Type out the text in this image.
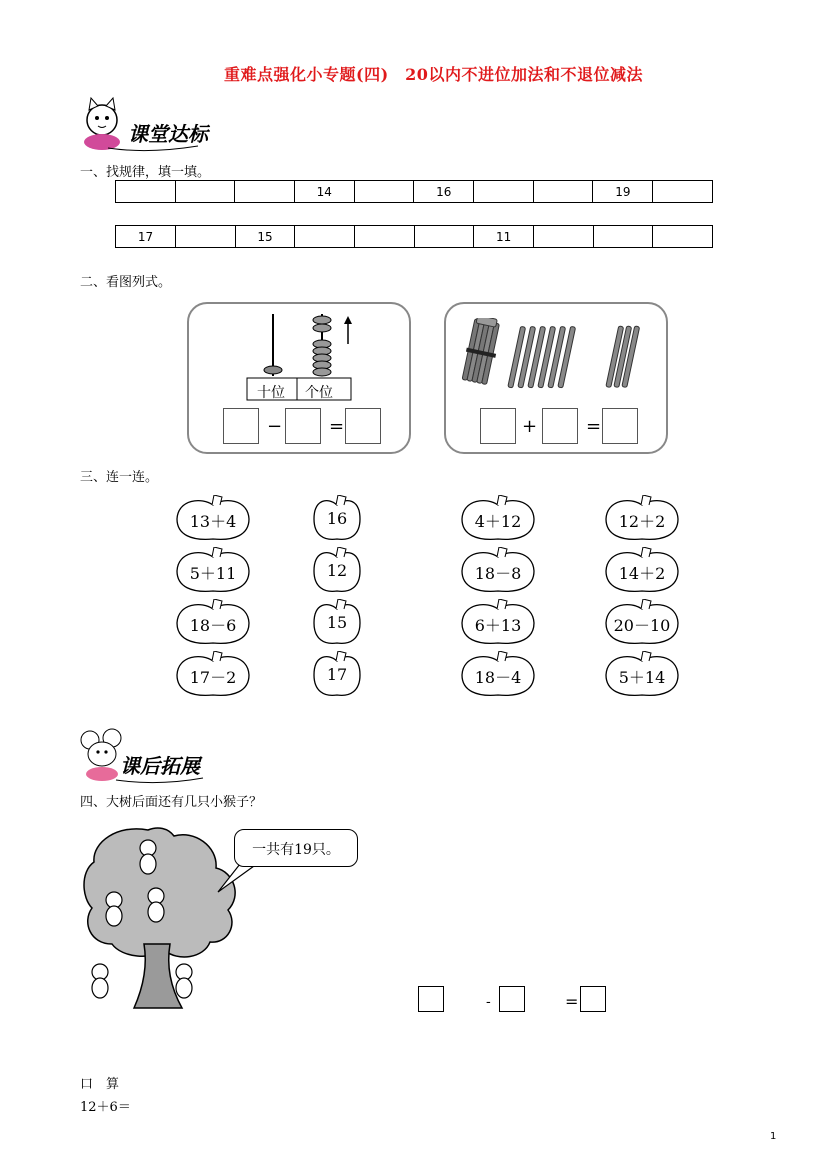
重难点强化小专题(四)　20以内不进位加法和不退位减法
课堂达标
一、找规律，填一填。
			14		16			19	
17		15				11			
二、看图列式。
十位 个位
−	=	+	=
三、连一连。
13＋4
5＋11
18－6
17－2
16
12
15
17
4＋12
18－8
6＋13
18－4
12＋2
14＋2
20－10
5＋14
课后拓展
四、大树后面还有几只小猴子？
一共有19只。
-	=
口　算
12＋6＝
1
